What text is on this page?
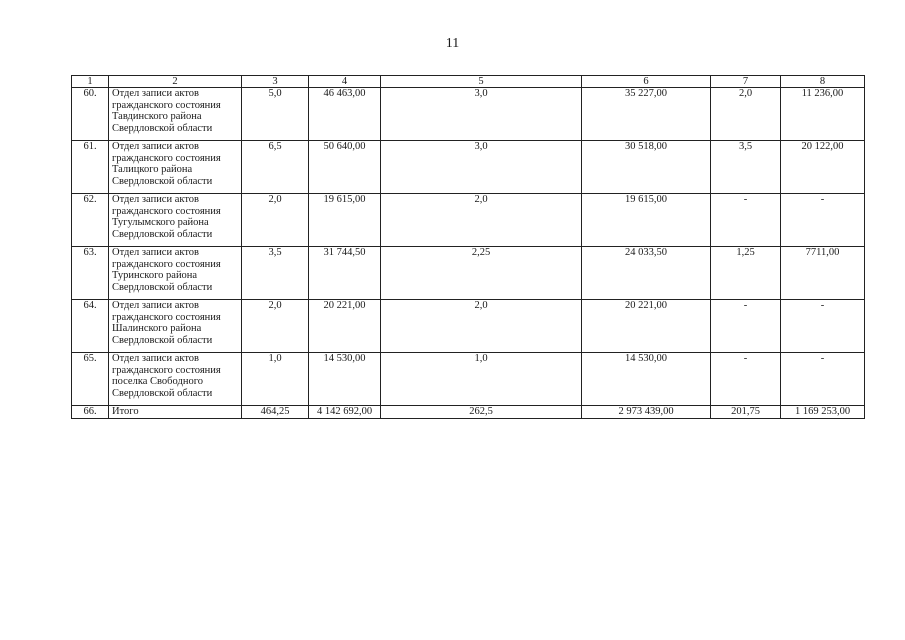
11
1	2	3	4	5	6	7	8
60.	Отдел записи актов гражданского состояния Тавдинского района Свердловской области	5,0	46 463,00	3,0	35 227,00	2,0	11 236,00
61.	Отдел записи актов гражданского состояния Талицкого района Свердловской области	6,5	50 640,00	3,0	30 518,00	3,5	20 122,00
62.	Отдел записи актов гражданского состояния Тугулымского района Свердловской области	2,0	19 615,00	2,0	19 615,00	-	-
63.	Отдел записи актов гражданского состояния Туринского района Свердловской области	3,5	31 744,50	2,25	24 033,50	1,25	7711,00
64.	Отдел записи актов гражданского состояния Шалинского района Свердловской области	2,0	20 221,00	2,0	20 221,00	-	-
65.	Отдел записи актов гражданского состояния поселка Свободного Свердловской области	1,0	14 530,00	1,0	14 530,00	-	-
66.	Итого	464,25	4 142 692,00	262,5	2 973 439,00	201,75	1 169 253,00
